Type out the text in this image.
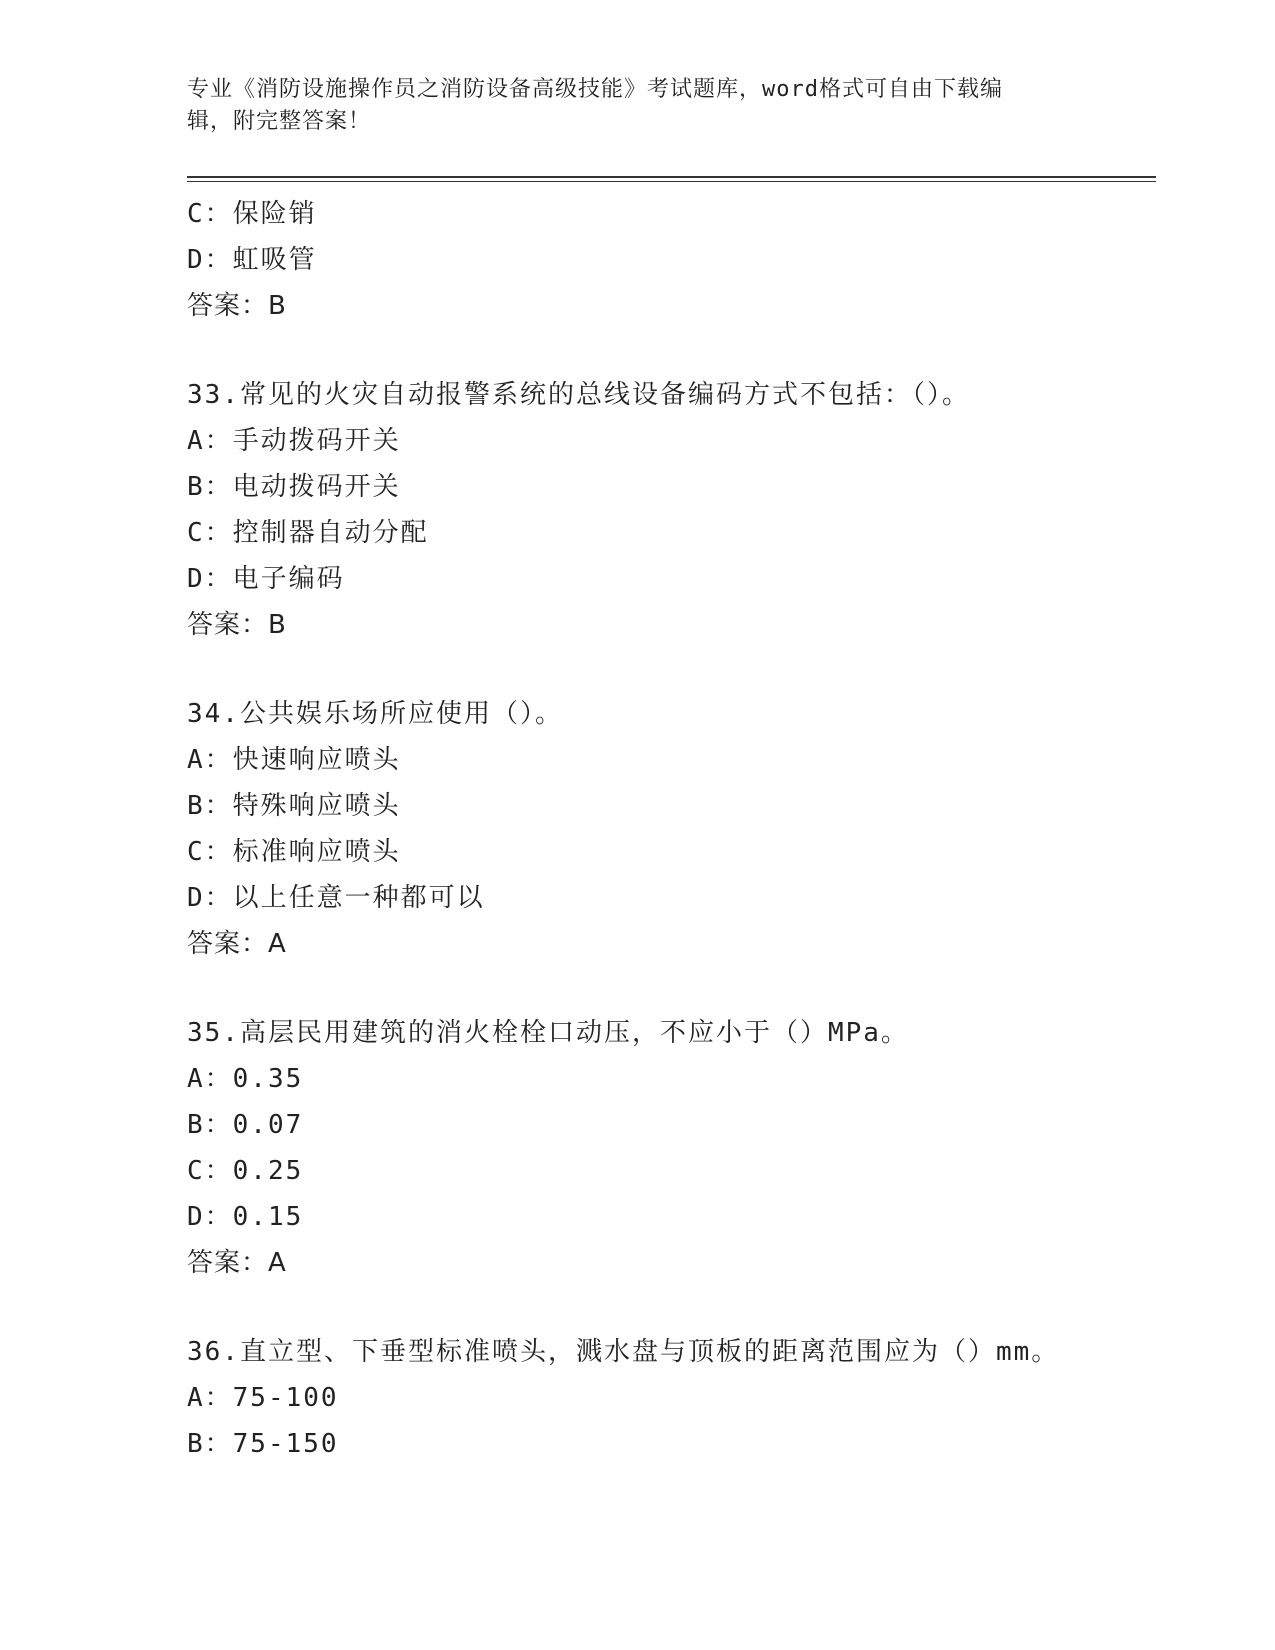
专业《消防设施操作员之消防设备高级技能》考试题库，word格式可自由下载编
辑，附完整答案！
C：保险销
D：虹吸管
答案：B
33.常见的火灾自动报警系统的总线设备编码方式不包括：（）。
A：手动拨码开关
B：电动拨码开关
C：控制器自动分配
D：电子编码
答案：B
34.公共娱乐场所应使用（）。
A：快速响应喷头
B：特殊响应喷头
C：标准响应喷头
D：以上任意一种都可以
答案：A
35.高层民用建筑的消火栓栓口动压，不应小于（）MPa。
A：0.35
B：0.07
C：0.25
D：0.15
答案：A
36.直立型、下垂型标准喷头，溅水盘与顶板的距离范围应为（）mm。
A：75-100
B：75-150
